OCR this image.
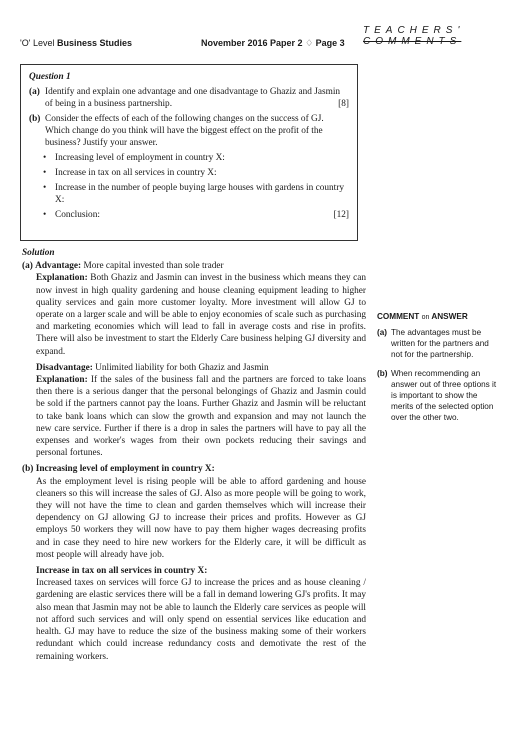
'O' Level Business Studies	November 2016 Paper 2 ♢ Page 3
TEACHERS'
COMMENTS
Question 1
(a) Identify and explain one advantage and one disadvantage to Ghaziz and Jasmin of being in a business partnership.	[8]
(b) Consider the effects of each of the following changes on the success of GJ. Which change do you think will have the biggest effect on the profit of the business? Justify your answer.
• Increasing level of employment in country X:
• Increase in tax on all services in country X:
• Increase in the number of people buying large houses with gardens in country X:
• Conclusion:	[12]
Solution
(a) Advantage: More capital invested than sole trader

Explanation: Both Ghaziz and Jasmin can invest in the business which means they can now invest in high quality gardening and house cleaning equipment leading to higher quality services and gain more customer loyalty. More investment will allow GJ to operate on a larger scale and will be able to enjoy economies of scale such as purchasing and marketing economies which will lead to fall in average costs and rise in profits. There will also be investment to start the Elderly Care business helping GJ diversity and expand.

Disadvantage: Unlimited liability for both Ghaziz and Jasmin

Explanation: If the sales of the business fall and the partners are forced to take loans then there is a serious danger that the personal belongings of Ghaziz and Jasmin could be sold if the partners cannot pay the loans. Further Ghaziz and Jasmin will be reluctant to take bank loans which can slow the growth and expansion and may not launch the new care service. Further if there is a drop in sales the partners will have to pay all the expenses and worker's wages from their own pockets reducing their savings and personal fortunes.

(b) Increasing level of employment in country X:

As the employment level is rising people will be able to afford gardening and house cleaners so this will increase the sales of GJ. Also as more people will be going to work, they will not have the time to clean and garden themselves which will increase their dependency on GJ allowing GJ to increase their prices and profits. However as GJ employs 50 workers they will now have to pay them higher wages decreasing profits and in case they need to hire new workers for the Elderly care, it will be difficult as most people will already have job.

Increase in tax on all services in country X:

Increased taxes on services will force GJ to increase the prices and as house cleaning / gardening are elastic services there will be a fall in demand lowering GJ's profits. It may also mean that Jasmin may not be able to launch the Elderly care services as people will not afford such services and will only spend on essential services like education and health. GJ may have to reduce the size of the business making some of their workers redundant which could increase redundancy costs and demotivate the rest of the remaining workers.

COMMENT on ANSWER
(a) The advantages must be written for the partners and not for the partnership.
(b) When recommending an answer out of three options it is important to show the merits of the selected option over the other two.
